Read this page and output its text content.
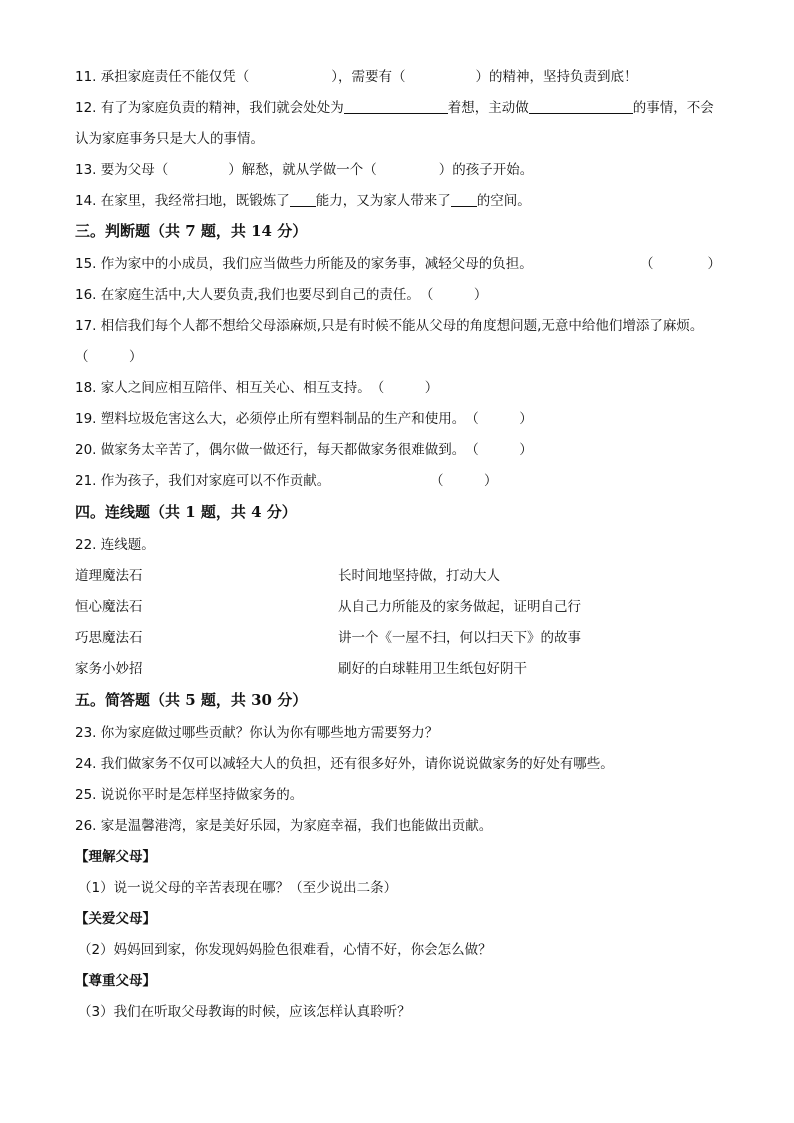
11. 承担家庭责任不能仅凭（	），需要有（	）的精神，坚持负责到底！
12. 有了为家庭负责的精神，我们就会处处为	着想，主动做	的事情，不会
认为家庭事务只是大人的事情。
13. 要为父母（	）解愁，就从学做一个（	）的孩子开始。
14. 在家里，我经常扫地，既锻炼了 能力，又为家人带来了 的空间。
三。判断题（共 7 题，共 14 分）
15. 作为家中的小成员，我们应当做些力所能及的家务事，减轻父母的负担。	（　　　　）
16. 在家庭生活中,大人要负责,我们也要尽到自己的责任。（　　　）
17. 相信我们每个人都不想给父母添麻烦,只是有时候不能从父母的角度想问题,无意中给他们增添了麻烦。
（　　　）
18. 家人之间应相互陪伴、相互关心、相互支持。（　　　）
19. 塑料垃圾危害这么大，必须停止所有塑料制品的生产和使用。（　　　）
20. 做家务太辛苦了，偶尔做一做还行，每天都做家务很难做到。（　　　）
21. 作为孩子，我们对家庭可以不作贡献。	（　　　）
四。连线题（共 1 题，共 4 分）
22. 连线题。
道理魔法石	长时间地坚持做，打动大人
恒心魔法石	从自己力所能及的家务做起，证明自己行
巧思魔法石	讲一个《一屋不扫，何以扫天下》的故事
家务小妙招	刷好的白球鞋用卫生纸包好阴干
五。简答题（共 5 题，共 30 分）
23. 你为家庭做过哪些贡献？你认为你有哪些地方需要努力？
24. 我们做家务不仅可以减轻大人的负担，还有很多好外，请你说说做家务的好处有哪些。
25. 说说你平时是怎样坚持做家务的。
26. 家是温馨港湾，家是美好乐园，为家庭幸福，我们也能做出贡献。
【理解父母】
（1）说一说父母的辛苦表现在哪？（至少说出二条）
【关爱父母】
（2）妈妈回到家，你发现妈妈脸色很难看，心情不好，你会怎么做？
【尊重父母】
（3）我们在听取父母教诲的时候，应该怎样认真聆听？
